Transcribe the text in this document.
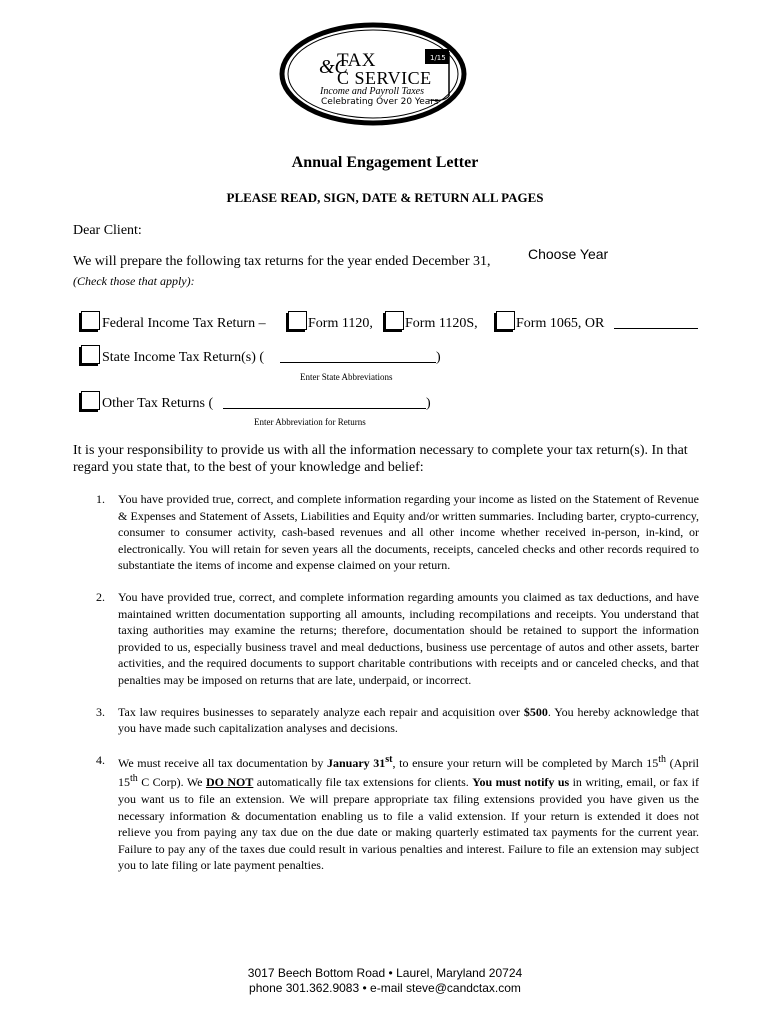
&C
TAX
C SERVICE
Income and Payroll Taxes
Celebrating Over 20 Years
1/15
Annual Engagement Letter
PLEASE READ, SIGN, DATE & RETURN ALL PAGES
Dear Client:
We will prepare the following tax returns for the year ended December 31,	Choose Year
(Check those that apply):
Federal Income Tax Return –	Form 1120, Form 1120S,	Form 1065, OR
State Income Tax Return(s) (	)
Enter State Abbreviations
Other Tax Returns (	)
Enter Abbreviation for Returns
It is your responsibility to provide us with all the information necessary to complete your tax return(s). In that regard you state that, to the best of your knowledge and belief:
1. You have provided true, correct, and complete information regarding your income as listed on the Statement of Revenue & Expenses and Statement of Assets, Liabilities and Equity and/or written summaries. Including barter, crypto-currency, consumer to consumer activity, cash-based revenues and all other income whether received in-person, in-kind, or electronically. You will retain for seven years all the documents, receipts, canceled checks and other records required to substantiate the items of income and expense claimed on your return.
2. You have provided true, correct, and complete information regarding amounts you claimed as tax deductions, and have maintained written documentation supporting all amounts, including recompilations and receipts. You understand that taxing authorities may examine the returns; therefore, documentation should be retained to support the information provided to us, especially business travel and meal deductions, business use percentage of autos and other assets, barter activities, and the required documents to support charitable contributions with receipts and or canceled checks, and that penalties may be imposed on returns that are late, underpaid, or incorrect.
3. Tax law requires businesses to separately analyze each repair and acquisition over $500. You hereby acknowledge that you have made such capitalization analyses and decisions.
4. We must receive all tax documentation by January 31st, to ensure your return will be completed by March 15th (April 15th C Corp). We DO NOT automatically file tax extensions for clients. You must notify us in writing, email, or fax if you want us to file an extension. We will prepare appropriate tax filing extensions provided you have given us the necessary information & documentation enabling us to file a valid extension. If your return is extended it does not relieve you from paying any tax due on the due date or making quarterly estimated tax payments for the current year. Failure to pay any of the taxes due could result in various penalties and interest. Failure to file an extension may subject you to late filing or late payment penalties.
3017 Beech Bottom Road • Laurel, Maryland 20724
phone 301.362.9083 • e-mail steve@candctax.com
